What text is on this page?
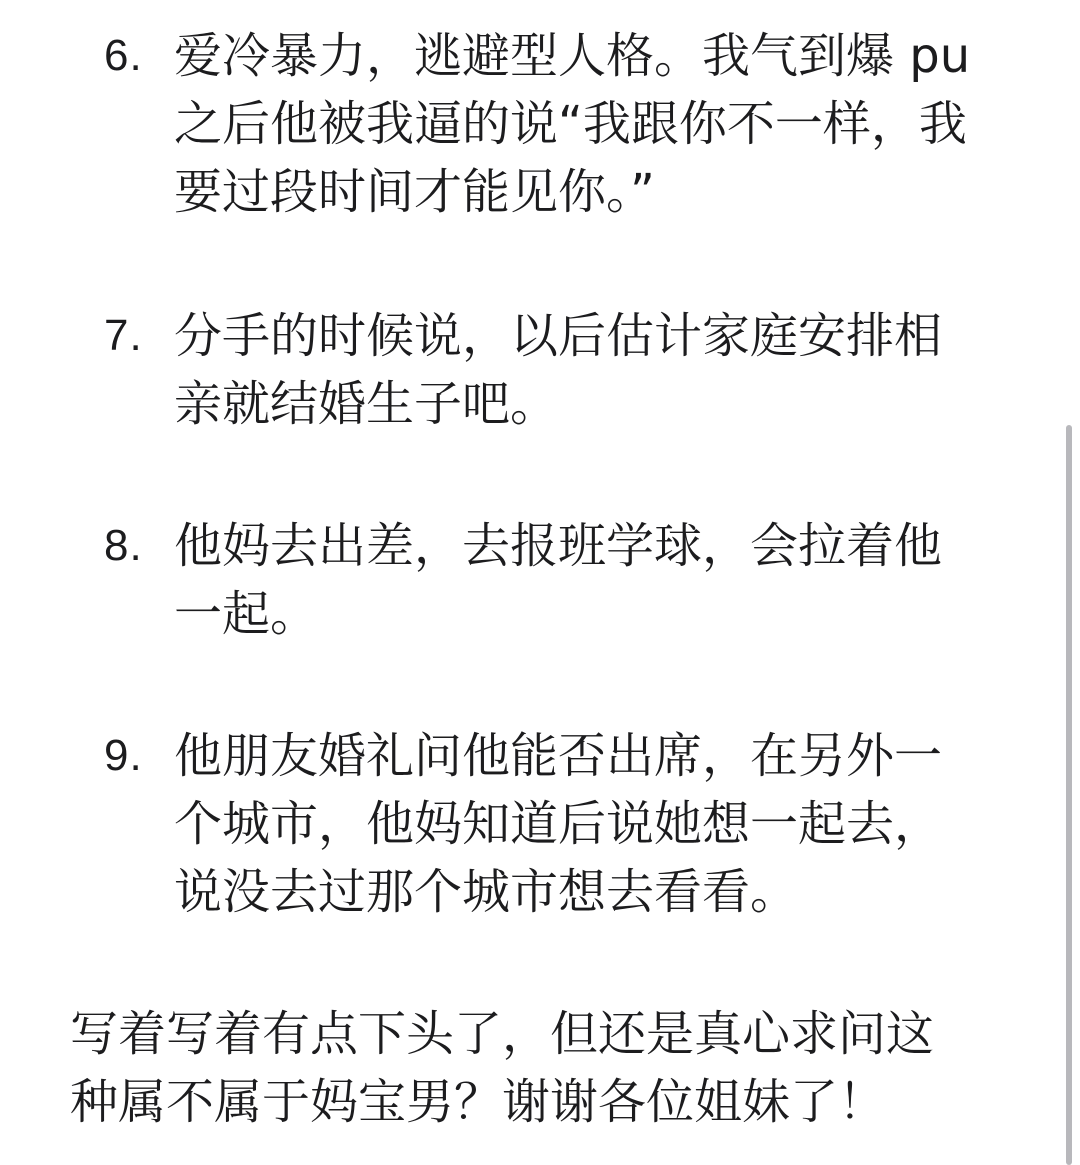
6. 爱冷暴力，逃避型人格。我气到爆 pu
之后他被我逼的说“我跟你不一样，我
要过段时间才能见你。”

7. 分手的时候说，以后估计家庭安排相
亲就结婚生子吧。

8. 他妈去出差，去报班学球，会拉着他
一起。

9. 他朋友婚礼问他能否出席，在另外一
个城市，他妈知道后说她想一起去，
说没去过那个城市想去看看。

写着写着有点下头了，但还是真心求问这
种属不属于妈宝男？谢谢各位姐妹了！
